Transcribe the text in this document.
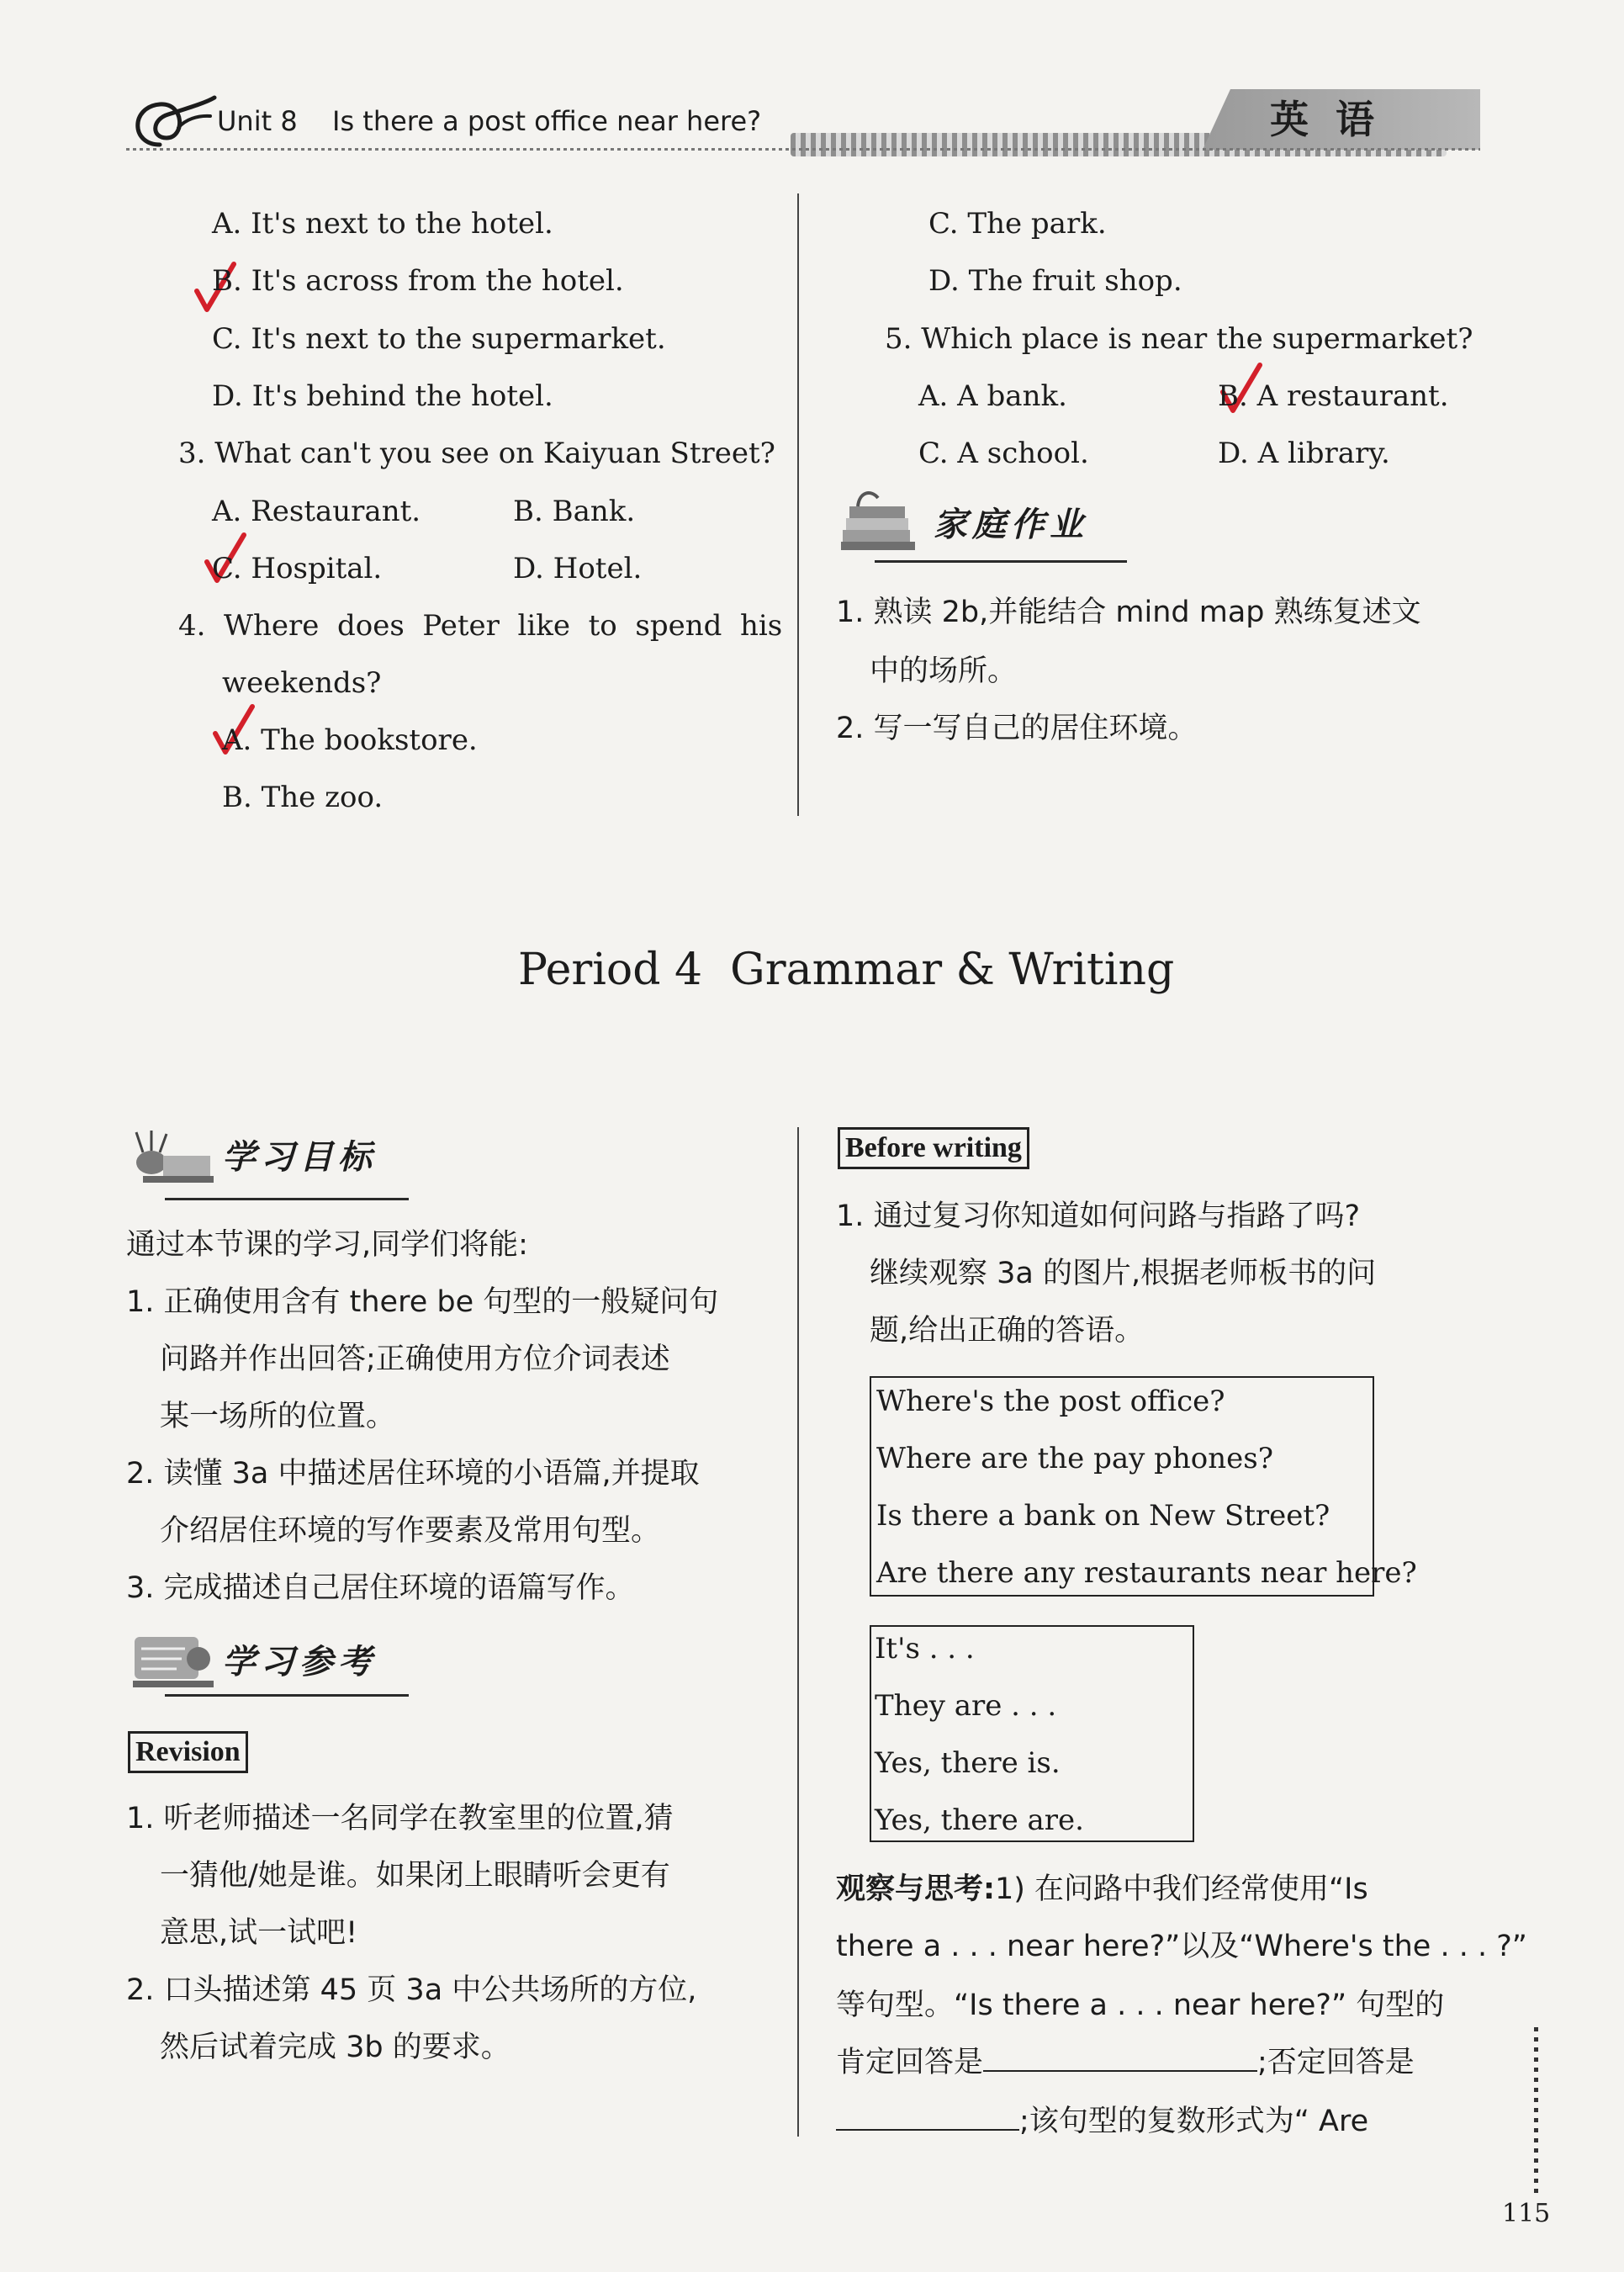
Unit 8 Is there a post office near here?	英 语
A. It's next to the hotel.
B. It's across from the hotel.
C. It's next to the supermarket.
D. It's behind the hotel.
3. What can't you see on Kaiyuan Street?
A. Restaurant.	B. Bank.
C. Hospital.	D. Hotel.
4.  Where  does  Peter  like  to  spend  his
weekends?
A. The bookstore.
B. The zoo.
C. The park.
D. The fruit shop.
5. Which place is near the supermarket?
A. A bank.	B. A restaurant.
C. A school.	D. A library.
家庭作业
1. 熟读 2b,并能结合 mind map 熟练复述文
中的场所。
2. 写一写自己的居住环境。
Period 4  Grammar & Writing
学习目标
通过本节课的学习,同学们将能:
1. 正确使用含有 there be 句型的一般疑问句
问路并作出回答;正确使用方位介词表述
某一场所的位置。
2. 读懂 3a 中描述居住环境的小语篇,并提取
介绍居住环境的写作要素及常用句型。
3. 完成描述自己居住环境的语篇写作。
学习参考
Revision
1. 听老师描述一名同学在教室里的位置,猜
一猜他/她是谁。如果闭上眼睛听会更有
意思,试一试吧!
2. 口头描述第 45 页 3a 中公共场所的方位,
然后试着完成 3b 的要求。
Before writing
1. 通过复习你知道如何问路与指路了吗?
继续观察 3a 的图片,根据老师板书的问
题,给出正确的答语。
Where's the post office?
Where are the pay phones?
Is there a bank on New Street?
Are there any restaurants near here?
It's . . .
They are . . .
Yes, there is.
Yes, there are.
观察与思考:1) 在问路中我们经常使用“Is
there a . . . near here?”以及“Where's the . . . ?”
等句型。“Is there a . . . near here?” 句型的
肯定回答是	;否定回答是
;该句型的复数形式为“ Are
115
